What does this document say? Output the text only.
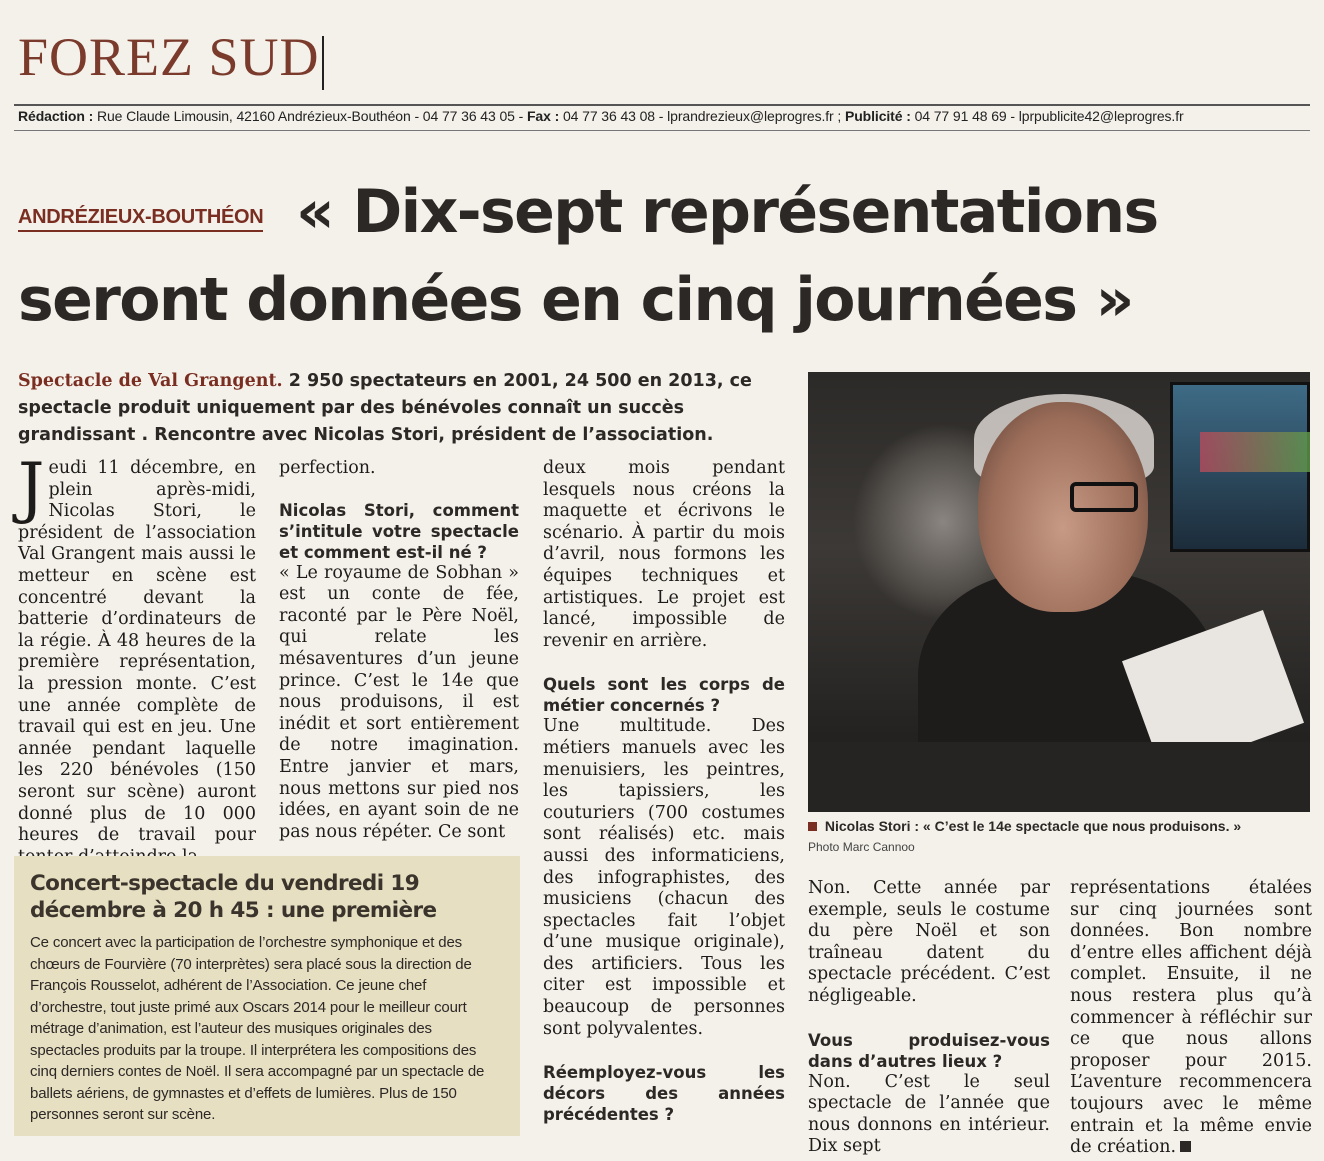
FOREZ SUD
Rédaction : Rue Claude Limousin, 42160 Andrézieux-Bouthéon - 04 77 36 43 05 - Fax : 04 77 36 43 08 - lprandrezieux@leprogres.fr ; Publicité : 04 77 91 48 69 - lprpublicite42@leprogres.fr
« Dix-sept représentations
seront données en cinq journées »
ANDRÉZIEUX-BOUTHÉON
Spectacle de Val Grangent. 2 950 spectateurs en 2001, 24 500 en 2013, ce spectacle produit uniquement par des bénévoles connaît un succès grandissant . Rencontre avec Nicolas Stori, président de l’association.
J eudi 11 décembre, en plein après-midi, Nicolas Stori, le président de l’association Val Grangent mais aussi le metteur en scène est concentré devant la batterie d’ordinateurs de la régie. À 48 heures de la première représentation, la pression monte. C’est une année complète de travail qui est en jeu. Une année pendant laquelle les 220 bénévoles (150 seront sur scène) auront donné plus de 10 000 heures de travail pour

perfection.

Nicolas Stori, comment s’intitule votre spectacle et comment est-il né ?

« Le royaume de Sobhan » est un conte de fée, raconté par le Père Noël, qui relate les mésaventures d’un jeune prince. C’est le 14e que nous produisons, il est inédit et sort entièrement de notre imagination. Entre janvier et mars, nous mettons sur pied nos idées, en ayant soin de ne pas nous répéter. Ce sont

deux mois pendant lesquels nous créons la maquette et écrivons le scénario. À partir du mois d’avril, nous formons les équipes techniques et artistiques. Le projet est lancé, impossible de revenir en arrière.

Quels sont les corps de métier concernés ?

Une multitude. Des métiers manuels avec les menuisiers, les peintres, les tapissiers, les couturiers (700 costumes sont réalisés) etc. mais aussi des informaticiens, des infographistes, des musiciens (chacun des spectacles fait l’objet d’une musique originale), des artificiers. Tous les citer est impossible et beaucoup de personnes sont polyvalentes.

Réemployez-vous les décors des années précédentes ?

Nicolas Stori : « C’est le 14e spectacle que nous produisons. »
Photo Marc Cannoo

Non. Cette année par exemple, seuls le costume du père Noël et son traîneau datent du spectacle précédent. C’est négligeable.

Vous produisez-vous dans d’autres lieux ?

Non. C’est le seul spectacle de l’année que nous donnons en intérieur. Dix sept

représentations étalées sur cinq journées sont données. Bon nombre d’entre elles affichent déjà complet. Ensuite, il ne nous restera plus qu’à commencer à réfléchir sur ce que nous allons proposer pour 2015. L’aventure recommencera toujours avec le même entrain et la même envie de création.

Concert-spectacle du vendredi 19 décembre à 20 h 45 : une première
Ce concert avec la participation de l’orchestre symphonique et des chœurs de Fourvière (70 interprètes) sera placé sous la direction de François Rousselot, adhérent de l’Association. Ce jeune chef d’orchestre, tout juste primé aux Oscars 2014 pour le meilleur court métrage d’animation, est l’auteur des musiques originales des spectacles produits par la troupe. Il interprétera les compositions des cinq derniers contes de Noël. Il sera accompagné par un spectacle de ballets aériens, de gymnastes et d’effets de lumières. Plus de 150 personnes seront sur scène.
